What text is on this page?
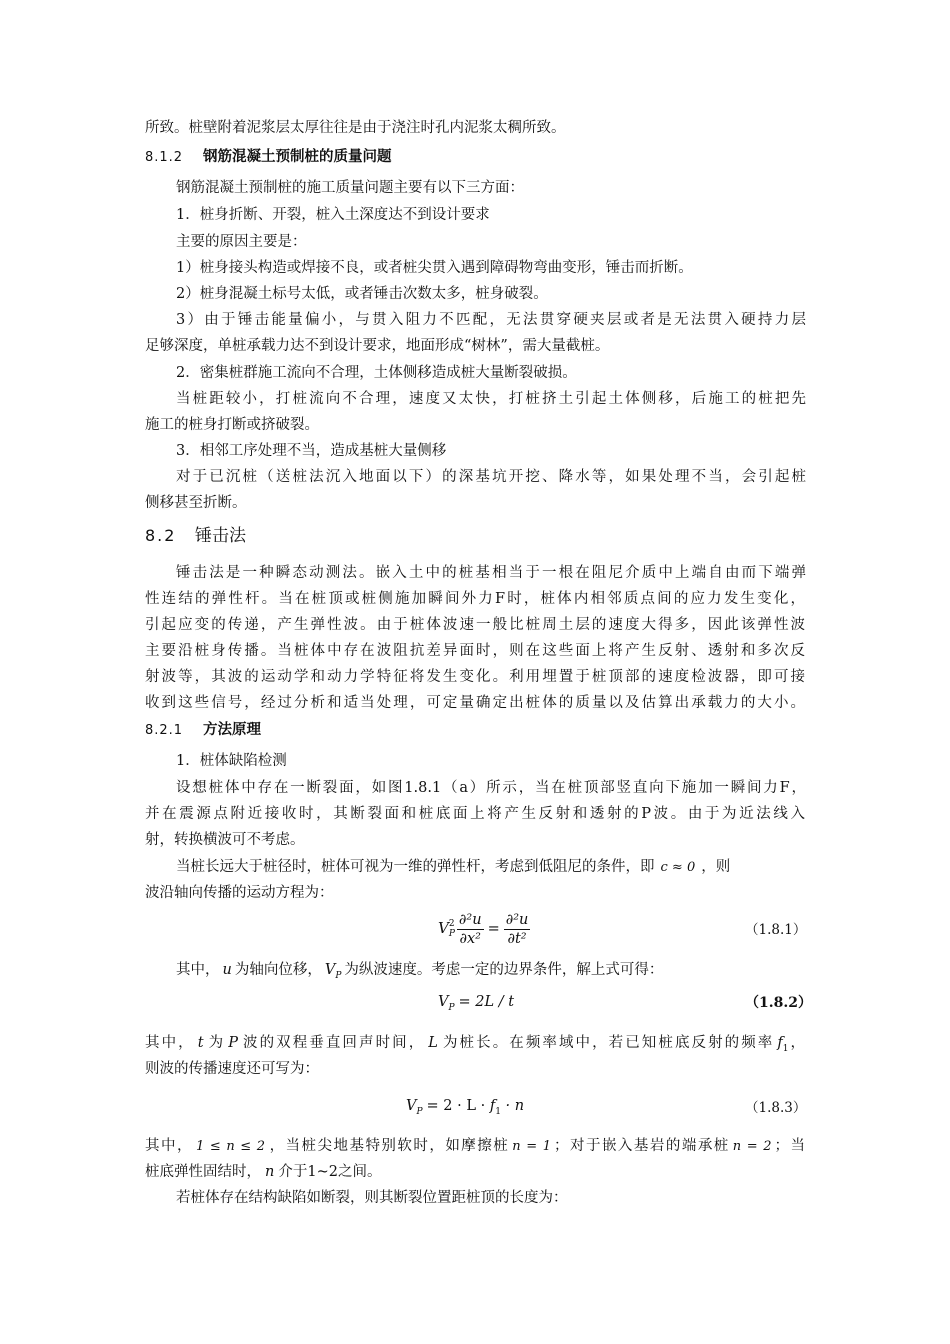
所致。桩壁附着泥浆层太厚往往是由于浇注时孔内泥浆太稠所致。
8.1.2 钢筋混凝土预制桩的质量问题
钢筋混凝土预制桩的施工质量问题主要有以下三方面：
1．桩身折断、开裂，桩入土深度达不到设计要求
主要的原因主要是：
1）桩身接头构造或焊接不良，或者桩尖贯入遇到障碍物弯曲变形，锤击而折断。
2）桩身混凝土标号太低，或者锤击次数太多，桩身破裂。
3）由于锤击能量偏小，与贯入阻力不匹配，无法贯穿硬夹层或者是无法贯入硬持力层
足够深度，单桩承载力达不到设计要求，地面形成“树林”，需大量截桩。
2．密集桩群施工流向不合理，土体侧移造成桩大量断裂破损。
当桩距较小，打桩流向不合理，速度又太快，打桩挤土引起土体侧移，后施工的桩把先
施工的桩身打断或挤破裂。
3．相邻工序处理不当，造成基桩大量侧移
对于已沉桩（送桩法沉入地面以下）的深基坑开挖、降水等，如果处理不当，会引起桩
侧移甚至折断。
8.2 锤击法
锤击法是一种瞬态动测法。嵌入土中的桩基相当于一根在阻尼介质中上端自由而下端弹
性连结的弹性杆。当在桩顶或桩侧施加瞬间外力F时，桩体内相邻质点间的应力发生变化，
引起应变的传递，产生弹性波。由于桩体波速一般比桩周土层的速度大得多，因此该弹性波
主要沿桩身传播。当桩体中存在波阻抗差异面时，则在这些面上将产生反射、透射和多次反
射波等，其波的运动学和动力学特征将发生变化。利用埋置于桩顶部的速度检波器，即可接
收到这些信号，经过分析和适当处理，可定量确定出桩体的质量以及估算出承载力的大小。
8.2.1 方法原理
1．桩体缺陷检测
设想桩体中存在一断裂面，如图1.8.1（a）所示，当在桩顶部竖直向下施加一瞬间力F，
并在震源点附近接收时，其断裂面和桩底面上将产生反射和透射的P波。由于为近法线入
射，转换横波可不考虑。
当桩长远大于桩径时，桩体可视为一维的弹性杆，考虑到低阻尼的条件，即 c ≈ 0 ，则
波沿轴向传播的运动方程为：
V 2
P $\frac{\text{∂²u}}{\text{∂x²}} = \frac{\text{∂²u}}{\text{∂t²}}$	（1.8.1）
其中， u 为轴向位移， $V_P$ 为纵波速度。考虑一定的边界条件，解上式可得：
$V_P = 2L / t$	（1.8.2）
其中， t 为 P 波的双程垂直回声时间， L 为桩长。在频率域中，若已知桩底反射的频率 $f_1$，
则波的传播速度还可写为：
$V_P = 2 \cdot L \cdot f_1 \cdot n$	（1.8.3）
其中， 1 ≤ n ≤ 2 ，当桩尖地基特别软时，如摩擦桩 n = 1 ；对于嵌入基岩的端承桩 n = 2 ；当
桩底弹性固结时， n 介于1~2之间。
若桩体存在结构缺陷如断裂，则其断裂位置距桩顶的长度为：
